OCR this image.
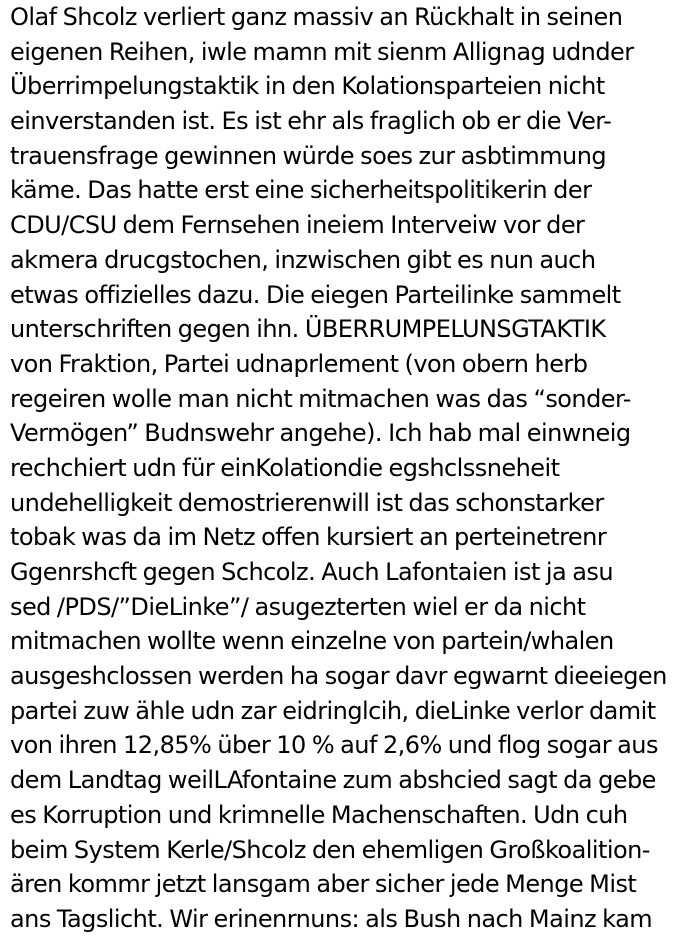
Olaf Shcolz verliert ganz massiv an Rückhalt in seinen
eigenen Reihen, iwle mamn mit sienm Allignag udnder
Überrimpelungstaktik in den Kolationsparteien nicht
einverstanden ist. Es ist ehr als fraglich ob er die Ver-
trauensfrage gewinnen würde soes zur asbtimmung
käme. Das hatte erst eine sicherheitspolitikerin der
CDU/CSU dem Fernsehen ineiem Interveiw vor der
akmera drucgstochen, inzwischen gibt es nun auch
etwas offizielles dazu. Die eiegen Parteilinke sammelt
unterschriften gegen ihn. ÜBERRUMPELUNSGTAKTIK
von Fraktion, Partei udnaprlement (von obern herb
regeiren wolle man nicht mitmachen was das “sonder-
Vermögen” Budnswehr angehe). Ich hab mal einwneig
rechchiert udn für einKolationdie egshclssneheit
undehelligkeit demostrierenwill ist das schonstarker
tobak was da im Netz offen kursiert an perteinetrenr
Ggenrshcft gegen Schcolz. Auch Lafontaien ist ja asu
sed /PDS/”DieLinke”/ asugezterten wiel er da nicht
mitmachen wollte wenn einzelne von partein/whalen
ausgeshclossen werden ha sogar davr egwarnt dieeiegen
partei zuw ähle udn zar eidringlcih, dieLinke verlor damit
von ihren 12,85% über 10 % auf 2,6% und flog sogar aus
dem Landtag weilLAfontaine zum abshcied sagt da gebe
es Korruption und krimnelle Machenschaften. Udn cuh
beim System Kerle/Shcolz den ehemligen Großkoalition-
ären kommr jetzt lansgam aber sicher jede Menge Mist
ans Tagslicht. Wir erinenrnuns: als Bush nach Mainz kam
